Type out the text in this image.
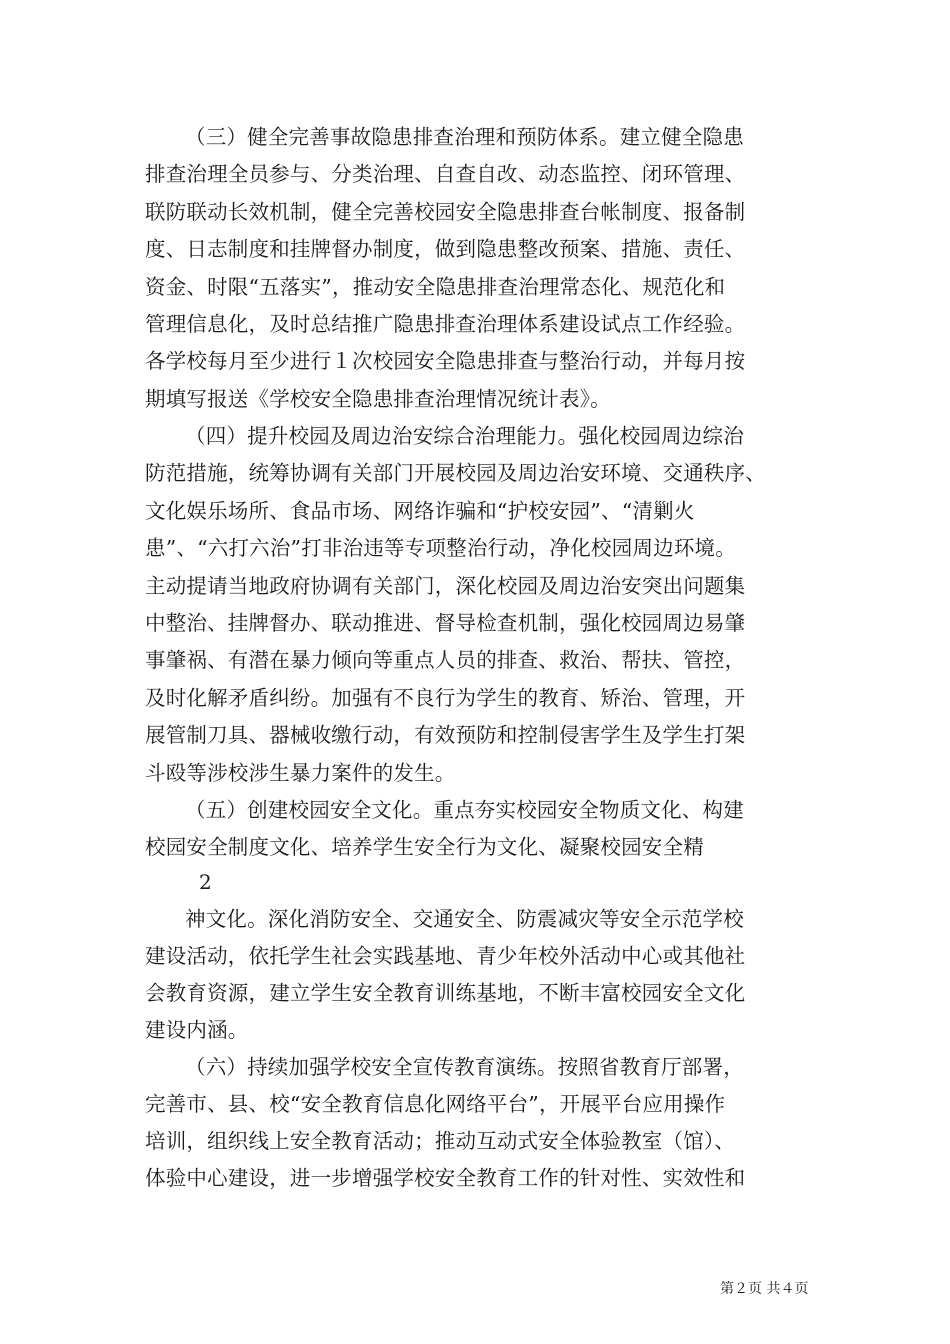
（三）健全完善事故隐患排查治理和预防体系。建立健全隐患
排查治理全员参与、分类治理、自查自改、动态监控、闭环管理、
联防联动长效机制，健全完善校园安全隐患排查台帐制度、报备制
度、日志制度和挂牌督办制度，做到隐患整改预案、措施、责任、
资金、时限“五落实”，推动安全隐患排查治理常态化、规范化和
管理信息化，及时总结推广隐患排查治理体系建设试点工作经验。
各学校每月至少进行１次校园安全隐患排查与整治行动，并每月按
期填写报送《学校安全隐患排查治理情况统计表》。
（四）提升校园及周边治安综合治理能力。强化校园周边综治
防范措施，统筹协调有关部门开展校园及周边治安环境、交通秩序、
文化娱乐场所、食品市场、网络诈骗和“护校安园”、“清剿火
患”、“六打六治”打非治违等专项整治行动，净化校园周边环境。
主动提请当地政府协调有关部门，深化校园及周边治安突出问题集
中整治、挂牌督办、联动推进、督导检查机制，强化校园周边易肇
事肇祸、有潜在暴力倾向等重点人员的排查、救治、帮扶、管控，
及时化解矛盾纠纷。加强有不良行为学生的教育、矫治、管理，开
展管制刀具、器械收缴行动，有效预防和控制侵害学生及学生打架
斗殴等涉校涉生暴力案件的发生。
（五）创建校园安全文化。重点夯实校园安全物质文化、构建
校园安全制度文化、培养学生安全行为文化、凝聚校园安全精
2
神文化。深化消防安全、交通安全、防震减灾等安全示范学校
建设活动，依托学生社会实践基地、青少年校外活动中心或其他社
会教育资源，建立学生安全教育训练基地，不断丰富校园安全文化
建设内涵。
（六）持续加强学校安全宣传教育演练。按照省教育厅部署，
完善市、县、校“安全教育信息化网络平台”，开展平台应用操作
培训，组织线上安全教育活动；推动互动式安全体验教室（馆）、
体验中心建设，进一步增强学校安全教育工作的针对性、实效性和
第２页 共４页
